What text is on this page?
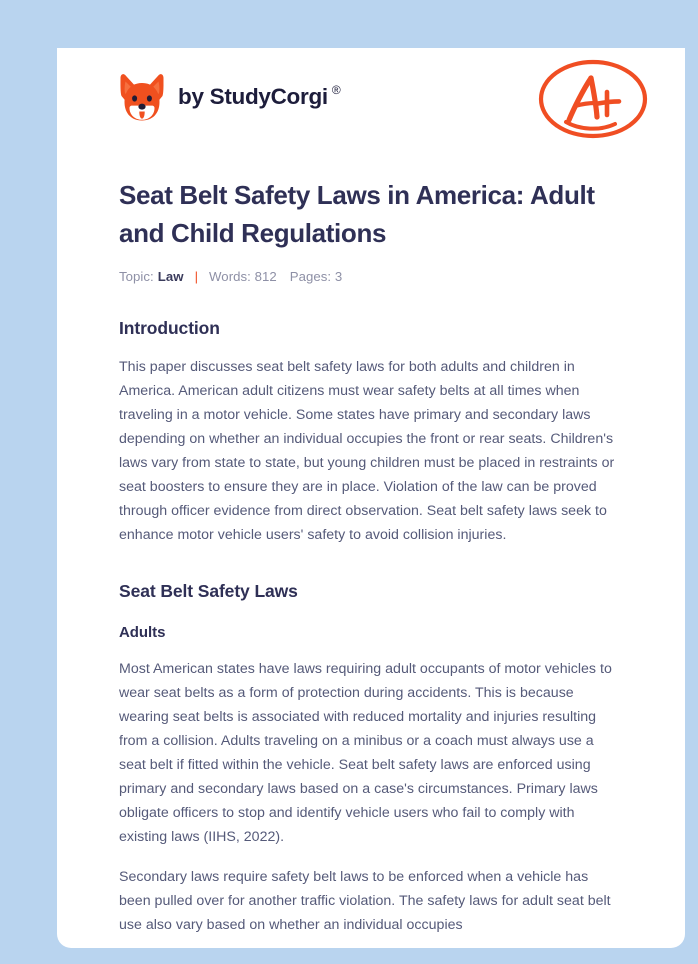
by StudyCorgi ®
Seat Belt Safety Laws in America: Adult and Child Regulations
Topic: Law | Words: 812 Pages: 3
Introduction

This paper discusses seat belt safety laws for both adults and children in America. American adult citizens must wear safety belts at all times when traveling in a motor vehicle. Some states have primary and secondary laws depending on whether an individual occupies the front or rear seats. Children's laws vary from state to state, but young children must be placed in restraints or seat boosters to ensure they are in place. Violation of the law can be proved through officer evidence from direct observation. Seat belt safety laws seek to enhance motor vehicle users' safety to avoid collision injuries.

Seat Belt Safety Laws
Adults

Most American states have laws requiring adult occupants of motor vehicles to wear seat belts as a form of protection during accidents. This is because wearing seat belts is associated with reduced mortality and injuries resulting from a collision. Adults traveling on a minibus or a coach must always use a seat belt if fitted within the vehicle. Seat belt safety laws are enforced using primary and secondary laws based on a case's circumstances. Primary laws obligate officers to stop and identify vehicle users who fail to comply with existing laws (IIHS, 2022).

Secondary laws require safety belt laws to be enforced when a vehicle has been pulled over for another traffic violation. The safety laws for adult seat belt use also vary based on whether an individual occupies
